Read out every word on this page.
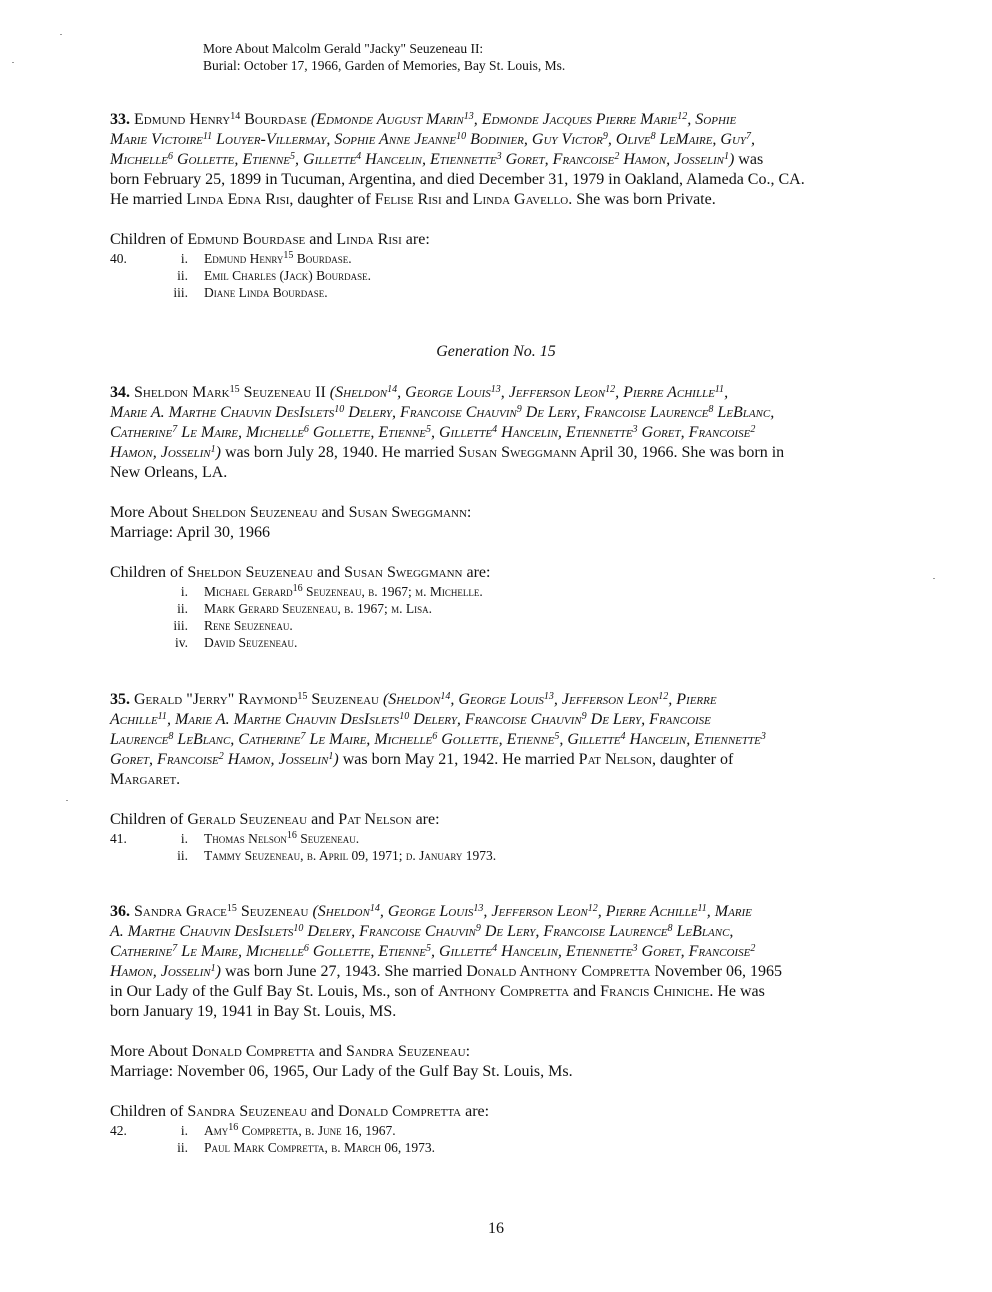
More About Malcolm Gerald "Jacky" Seuzeneau II:

Burial: October 17, 1966, Garden of Memories, Bay St. Louis, Ms.

33. Edmund Henry$^{14}$ Bourdase (Edmonde August Marin$^{13}$, Edmonde Jacques Pierre Marie$^{12}$, Sophie
Marie Victoire$^{11}$ Louyer-Villermay, Sophie Anne Jeanne$^{10}$ Bodinier, Guy Victor$^9$, Olive$^8$ LeMaire, Guy$^7$,
Michelle$^6$ Gollette, Etienne$^5$, Gillette$^4$ Hancelin, Etiennette$^3$ Goret, Francoise$^2$ Hamon, Josselin$^1$) was
born February 25, 1899 in Tucuman, Argentina, and died December 31, 1979 in Oakland, Alameda Co., CA.
He married Linda Edna Risi, daughter of Felise Risi and Linda Gavello. She was born Private.

Children of Edmund Bourdase and Linda Risi are:

40.	i. Edmund Henry$^{15}$ Bourdase.
ii. Emil Charles (Jack) Bourdase.
iii. Diane Linda Bourdase.
Generation No. 15

34. Sheldon Mark$^{15}$ Seuzeneau II (Sheldon$^{14}$, George Louis$^{13}$, Jefferson Leon$^{12}$, Pierre Achille$^{11}$,
Marie A. Marthe Chauvin DesIslets$^{10}$ Delery, Francoise Chauvin$^9$ De Lery, Francoise Laurence$^8$ LeBlanc,
Catherine$^7$ Le Maire, Michelle$^6$ Gollette, Etienne$^5$, Gillette$^4$ Hancelin, Etiennette$^3$ Goret, Francoise$^2$
Hamon, Josselin$^1$) was born July 28, 1940. He married Susan Sweggmann April 30, 1966. She was born in
New Orleans, LA.

More About Sheldon Seuzeneau and Susan Sweggmann:

Marriage: April 30, 1966

Children of Sheldon Seuzeneau and Susan Sweggmann are:

i. Michael Gerard$^{16}$ Seuzeneau, b. 1967; m. Michelle.
ii. Mark Gerard Seuzeneau, b. 1967; m. Lisa.
iii. Rene Seuzeneau.
iv. David Seuzeneau.

35. Gerald "Jerry" Raymond$^{15}$ Seuzeneau (Sheldon$^{14}$, George Louis$^{13}$, Jefferson Leon$^{12}$, Pierre
Achille$^{11}$, Marie A. Marthe Chauvin DesIslets$^{10}$ Delery, Francoise Chauvin$^9$ De Lery, Francoise
Laurence$^8$ LeBlanc, Catherine$^7$ Le Maire, Michelle$^6$ Gollette, Etienne$^5$, Gillette$^4$ Hancelin, Etiennette$^3$
Goret, Francoise$^2$ Hamon, Josselin$^1$) was born May 21, 1942. He married Pat Nelson, daughter of
Margaret.

Children of Gerald Seuzeneau and Pat Nelson are:

41.	i. Thomas Nelson$^{16}$ Seuzeneau.
ii. Tammy Seuzeneau, b. April 09, 1971; d. January 1973.

36. Sandra Grace$^{15}$ Seuzeneau (Sheldon$^{14}$, George Louis$^{13}$, Jefferson Leon$^{12}$, Pierre Achille$^{11}$, Marie
A. Marthe Chauvin DesIslets$^{10}$ Delery, Francoise Chauvin$^9$ De Lery, Francoise Laurence$^8$ LeBlanc,
Catherine$^7$ Le Maire, Michelle$^6$ Gollette, Etienne$^5$, Gillette$^4$ Hancelin, Etiennette$^3$ Goret, Francoise$^2$
Hamon, Josselin$^1$) was born June 27, 1943. She married Donald Anthony Compretta November 06, 1965
in Our Lady of the Gulf Bay St. Louis, Ms., son of Anthony Compretta and Francis Chiniche. He was
born January 19, 1941 in Bay St. Louis, MS.

More About Donald Compretta and Sandra Seuzeneau:

Marriage: November 06, 1965, Our Lady of the Gulf Bay St. Louis, Ms.

Children of Sandra Seuzeneau and Donald Compretta are:

42.	i. Amy$^{16}$ Compretta, b. June 16, 1967.
ii. Paul Mark Compretta, b. March 06, 1973.
16
